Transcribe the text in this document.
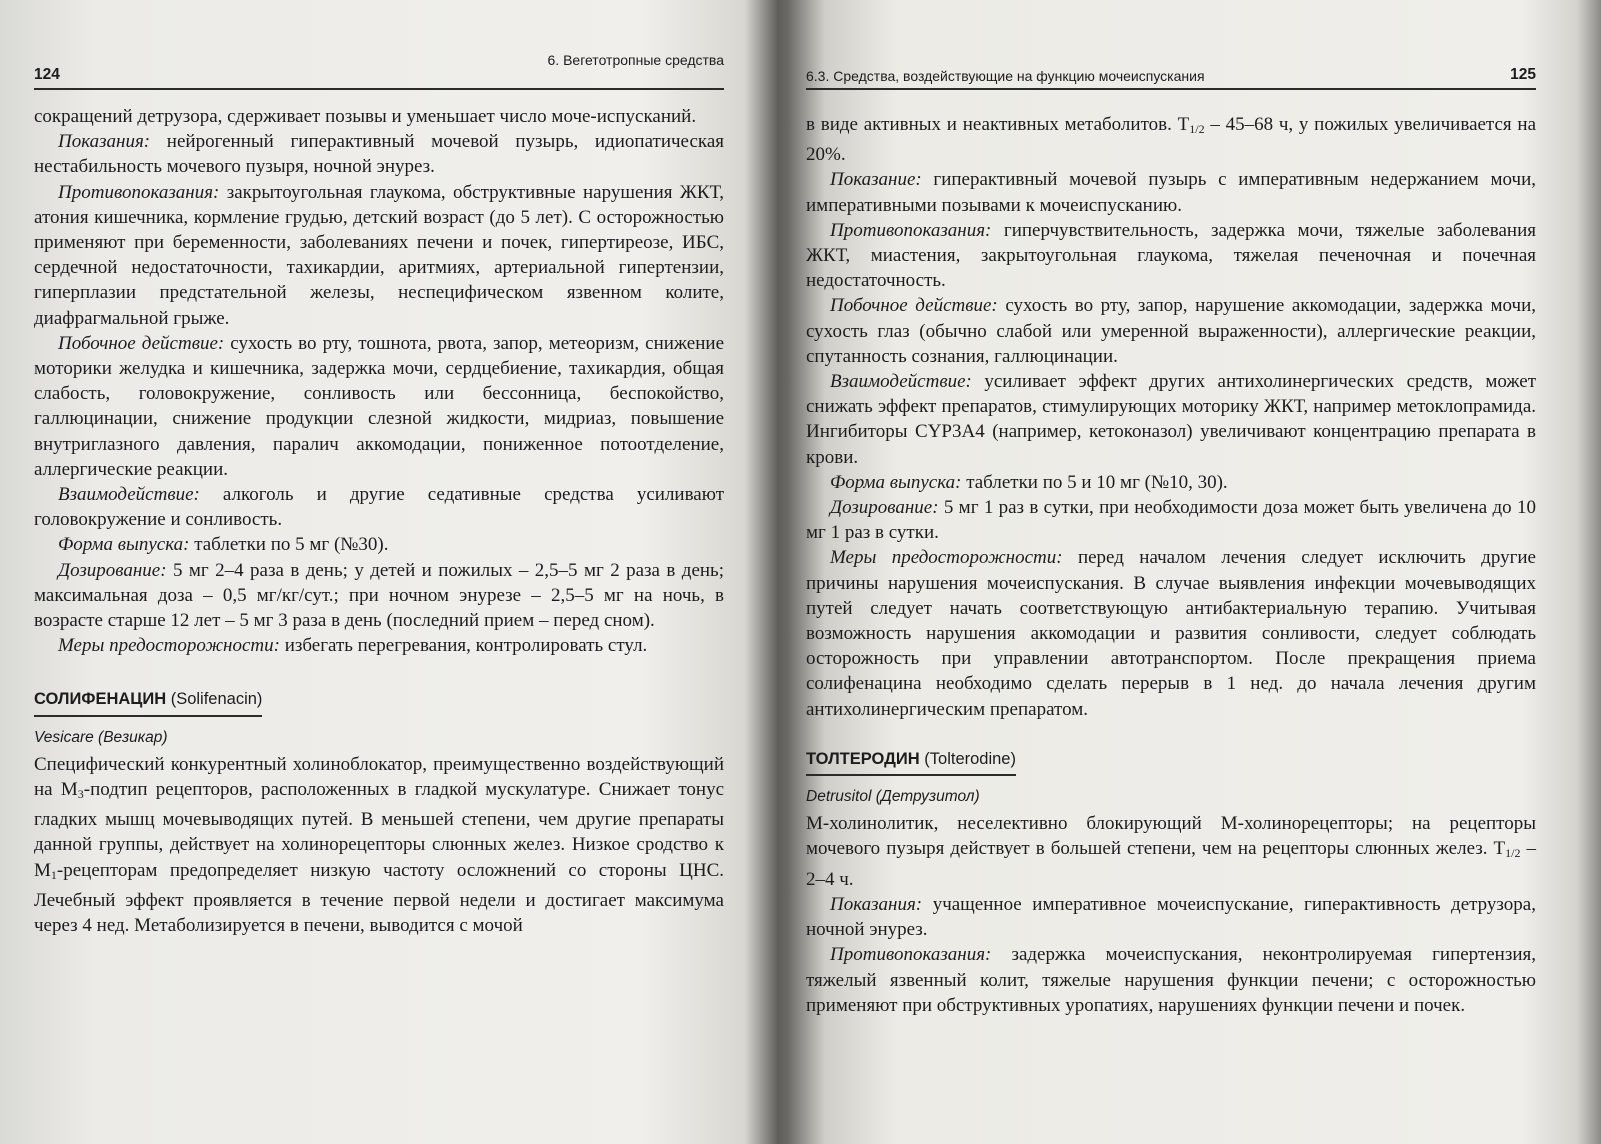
124
6. Вегетотропные средства

сокращений детрузора, сдерживает позывы и уменьшает число моче-испусканий.

Показания: нейрогенный гиперактивный мочевой пузырь, идиопатическая нестабильность мочевого пузыря, ночной энурез.

Противопоказания: закрытоугольная глаукома, обструктивные нарушения ЖКТ, атония кишечника, кормление грудью, детский возраст (до 5 лет). С осторожностью применяют при беременности, заболеваниях печени и почек, гипертиреозе, ИБС, сердечной недостаточности, тахикардии, аритмиях, артериальной гипертензии, гиперплазии предстательной железы, неспецифическом язвенном колите, диафрагмальной грыже.

Побочное действие: сухость во рту, тошнота, рвота, запор, метеоризм, снижение моторики желудка и кишечника, задержка мочи, сердцебиение, тахикардия, общая слабость, головокружение, сонливость или бессонница, беспокойство, галлюцинации, снижение продукции слезной жидкости, мидриаз, повышение внутриглазного давления, паралич аккомодации, пониженное потоотделение, аллергические реакции.

Взаимодействие: алкоголь и другие седативные средства усиливают головокружение и сонливость.

Форма выпуска: таблетки по 5 мг (№30).

Дозирование: 5 мг 2–4 раза в день; у детей и пожилых – 2,5–5 мг 2 раза в день; максимальная доза – 0,5 мг/кг/сут.; при ночном энурезе – 2,5–5 мг на ночь, в возрасте старше 12 лет – 5 мг 3 раза в день (последний прием – перед сном).

Меры предосторожности: избегать перегревания, контролировать стул.

СОЛИФЕНАЦИН (Solifenacin)
Vesicare (Везикар)

Специфический конкурентный холиноблокатор, преимущественно воздействующий на $М_3$-подтип рецепторов, расположенных в гладкой мускулатуре. Снижает тонус гладких мышц мочевыводящих путей. В меньшей степени, чем другие препараты данной группы, действует на холинорецепторы слюнных желез. Низкое сродство к $М_1$-рецепторам предопределяет низкую частоту осложнений со стороны ЦНС. Лечебный эффект проявляется в течение первой недели и достигает максимума через 4 нед. Метаболизируется в печени, выводится с мочой

6.3. Средства, воздействующие на функцию мочеиспускания	125

в виде активных и неактивных метаболитов. $T_{1/2} - 45-68$ ч, у пожилых увеличивается на 20%.

Показание: гиперактивный мочевой пузырь с императивным недержанием мочи, императивными позывами к мочеиспусканию.

Противопоказания: гиперчувствительность, задержка мочи, тяжелые заболевания ЖКТ, миастения, закрытоугольная глаукома, тяжелая печеночная и почечная недостаточность.

Побочное действие: сухость во рту, запор, нарушение аккомодации, задержка мочи, сухость глаз (обычно слабой или умеренной выраженности), аллергические реакции, спутанность сознания, галлюцинации.

Взаимодействие: усиливает эффект других антихолинергических средств, может снижать эффект препаратов, стимулирующих моторику ЖКТ, например метоклопрамида. Ингибиторы CYP3A4 (например, кетоконазол) увеличивают концентрацию препарата в крови.

Форма выпуска: таблетки по 5 и 10 мг (№10, 30).

Дозирование: 5 мг 1 раз в сутки, при необходимости доза может быть увеличена до 10 мг 1 раз в сутки.

Меры предосторожности: перед началом лечения следует исключить другие причины нарушения мочеиспускания. В случае выявления инфекции мочевыводящих путей следует начать соответствующую антибактериальную терапию. Учитывая возможность нарушения аккомодации и развития сонливости, следует соблюдать осторожность при управлении автотранспортом. После прекращения приема солифенацина необходимо сделать перерыв в 1 нед. до начала лечения другим антихолинергическим препаратом.

ТОЛТЕРОДИН (Tolterodine)
Detrusitol (Детрузитол)

М-холинолитик, неселективно блокирующий М-холинорецепторы; на рецепторы мочевого пузыря действует в большей степени, чем на рецепторы слюнных желез. $T_{1/2} - 2-4$ ч.

Показания: учащенное императивное мочеиспускание, гиперактивность детрузора, ночной энурез.

Противопоказания: задержка мочеиспускания, неконтролируемая гипертензия, тяжелый язвенный колит, тяжелые нарушения функции печени; с осторожностью применяют при обструктивных уропатиях, нарушениях функции печени и почек.
